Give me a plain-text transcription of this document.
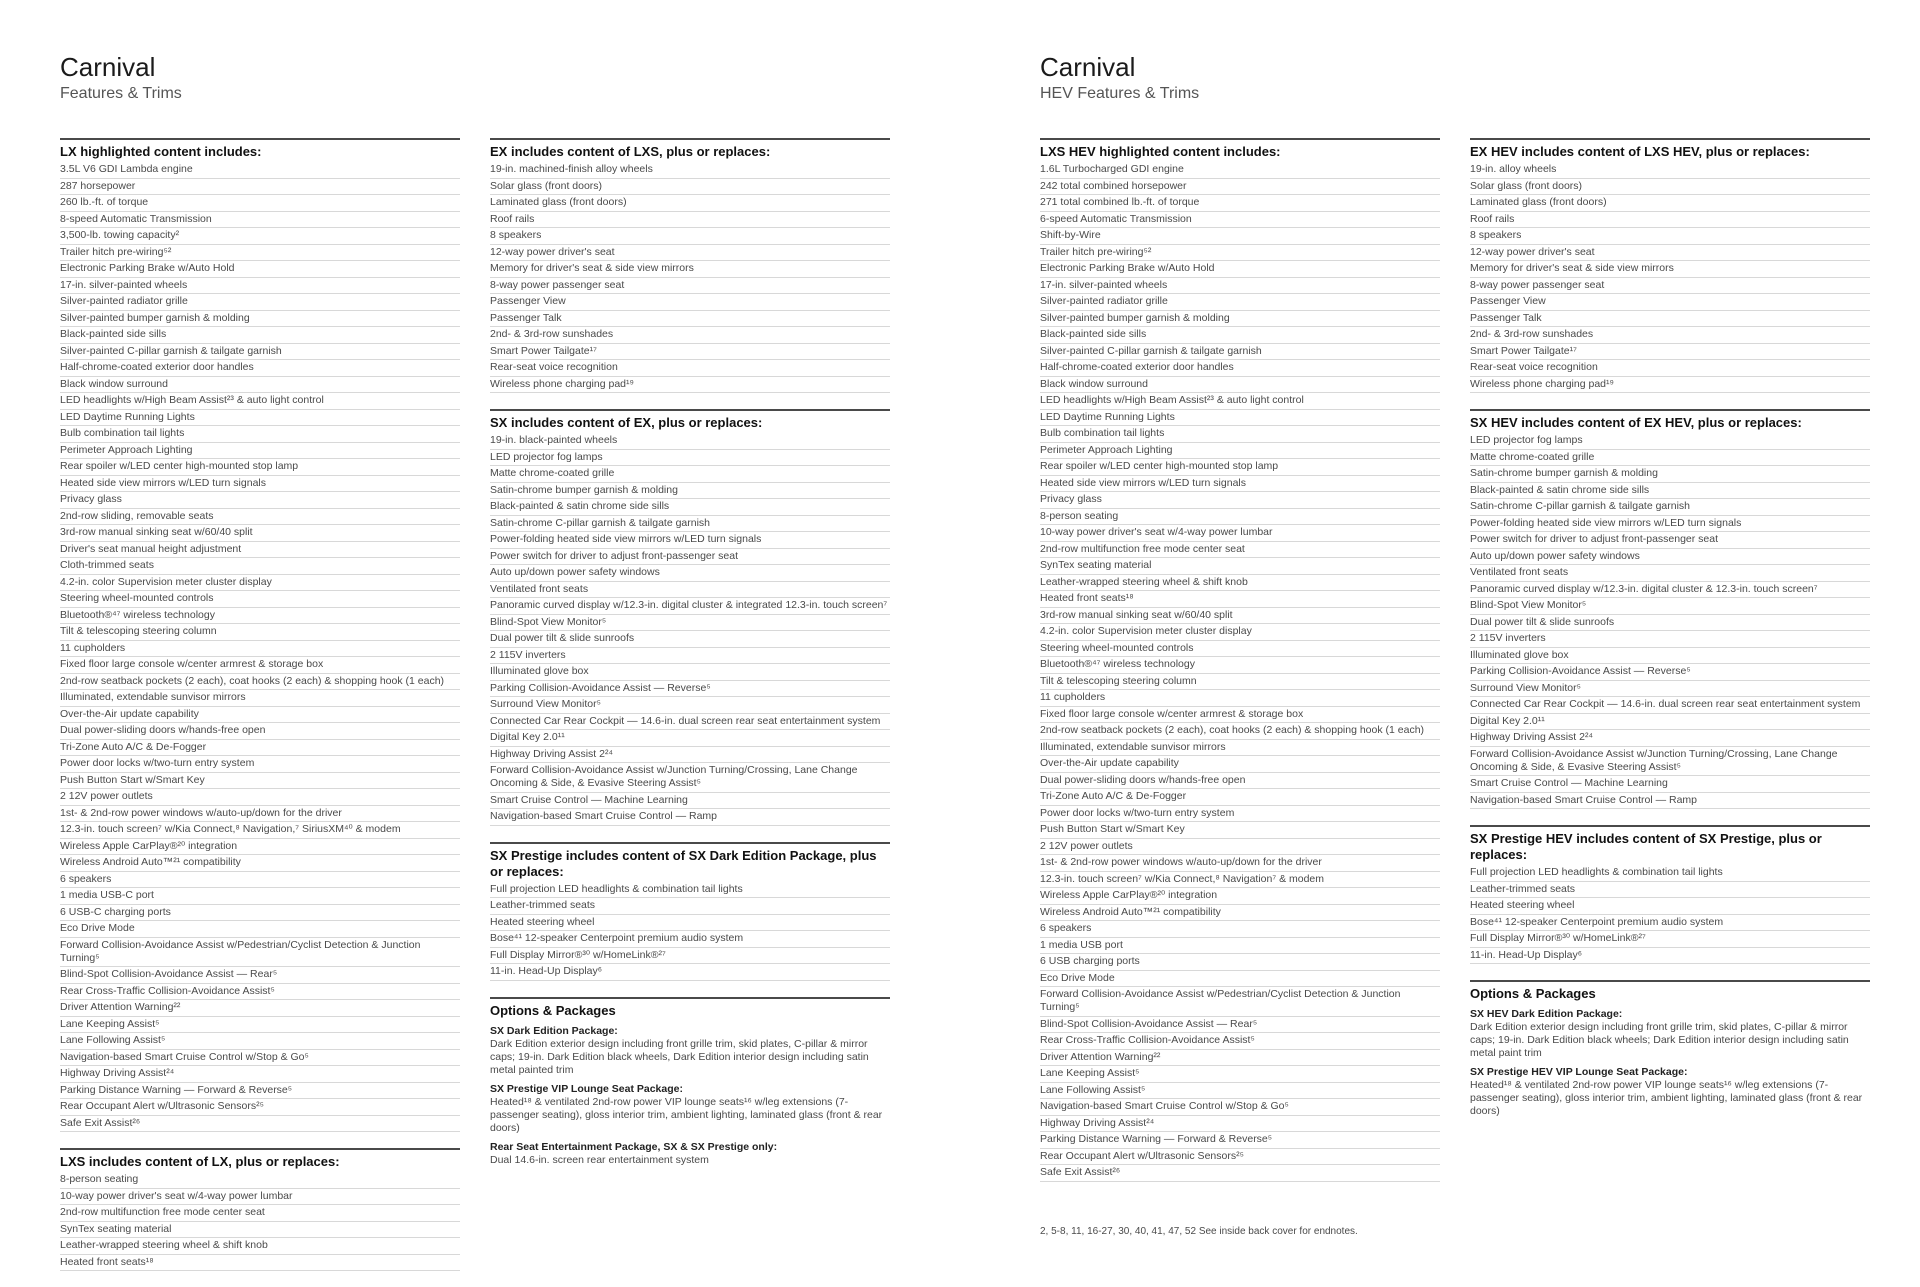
Carnival
Features & Trims
LX highlighted content includes:
3.5L V6 GDI Lambda engine
287 horsepower
260 lb.-ft. of torque
8-speed Automatic Transmission
3,500-lb. towing capacity²
Trailer hitch pre-wiring⁵²
Electronic Parking Brake w/Auto Hold
17-in. silver-painted wheels
Silver-painted radiator grille
Silver-painted bumper garnish & molding
Black-painted side sills
Silver-painted C-pillar garnish & tailgate garnish
Half-chrome-coated exterior door handles
Black window surround
LED headlights w/High Beam Assist²³ & auto light control
LED Daytime Running Lights
Bulb combination tail lights
Perimeter Approach Lighting
Rear spoiler w/LED center high-mounted stop lamp
Heated side view mirrors w/LED turn signals
Privacy glass
2nd-row sliding, removable seats
3rd-row manual sinking seat w/60/40 split
Driver's seat manual height adjustment
Cloth-trimmed seats
4.2-in. color Supervision meter cluster display
Steering wheel-mounted controls
Bluetooth®⁴⁷ wireless technology
Tilt & telescoping steering column
11 cupholders
Fixed floor large console w/center armrest & storage box
2nd-row seatback pockets (2 each), coat hooks (2 each) & shopping hook (1 each)
Illuminated, extendable sunvisor mirrors
Over-the-Air update capability
Dual power-sliding doors w/hands-free open
Tri-Zone Auto A/C & De-Fogger
Power door locks w/two-turn entry system
Push Button Start w/Smart Key
2 12V power outlets
1st- & 2nd-row power windows w/auto-up/down for the driver
12.3-in. touch screen⁷ w/Kia Connect,⁸ Navigation,⁷ SiriusXM⁴⁰ & modem
Wireless Apple CarPlay®²⁰ integration
Wireless Android Auto™²¹ compatibility
6 speakers
1 media USB-C port
6 USB-C charging ports
Eco Drive Mode
Forward Collision-Avoidance Assist w/Pedestrian/Cyclist Detection & Junction Turning⁵
Blind-Spot Collision-Avoidance Assist — Rear⁵
Rear Cross-Traffic Collision-Avoidance Assist⁵
Driver Attention Warning²²
Lane Keeping Assist⁵
Lane Following Assist⁵
Navigation-based Smart Cruise Control w/Stop & Go⁵
Highway Driving Assist²⁴
Parking Distance Warning — Forward & Reverse⁵
Rear Occupant Alert w/Ultrasonic Sensors²⁵
Safe Exit Assist²⁶
LXS includes content of LX, plus or replaces:
8-person seating
10-way power driver's seat w/4-way power lumbar
2nd-row multifunction free mode center seat
SynTex seating material
Leather-wrapped steering wheel & shift knob
Heated front seats¹⁸
EX includes content of LXS, plus or replaces:
19-in. machined-finish alloy wheels
Solar glass (front doors)
Laminated glass (front doors)
Roof rails
8 speakers
12-way power driver's seat
Memory for driver's seat & side view mirrors
8-way power passenger seat
Passenger View
Passenger Talk
2nd- & 3rd-row sunshades
Smart Power Tailgate¹⁷
Rear-seat voice recognition
Wireless phone charging pad¹⁹
SX includes content of EX, plus or replaces:
19-in. black-painted wheels
LED projector fog lamps
Matte chrome-coated grille
Satin-chrome bumper garnish & molding
Black-painted & satin chrome side sills
Satin-chrome C-pillar garnish & tailgate garnish
Power-folding heated side view mirrors w/LED turn signals
Power switch for driver to adjust front-passenger seat
Auto up/down power safety windows
Ventilated front seats
Panoramic curved display w/12.3-in. digital cluster & integrated 12.3-in. touch screen⁷
Blind-Spot View Monitor⁵
Dual power tilt & slide sunroofs
2 115V inverters
Illuminated glove box
Parking Collision-Avoidance Assist — Reverse⁵
Surround View Monitor⁵
Connected Car Rear Cockpit — 14.6-in. dual screen rear seat entertainment system
Digital Key 2.0¹¹
Highway Driving Assist 2²⁴
Forward Collision-Avoidance Assist w/Junction Turning/Crossing, Lane Change Oncoming & Side, & Evasive Steering Assist⁵
Smart Cruise Control — Machine Learning
Navigation-based Smart Cruise Control — Ramp
SX Prestige includes content of SX Dark Edition Package, plus or replaces:
Full projection LED headlights & combination tail lights
Leather-trimmed seats
Heated steering wheel
Bose⁴¹ 12-speaker Centerpoint premium audio system
Full Display Mirror®³⁰ w/HomeLink®²⁷
11-in. Head-Up Display⁶
Options & Packages
SX Dark Edition Package:
Dark Edition exterior design including front grille trim, skid plates, C-pillar & mirror caps; 19-in. Dark Edition black wheels, Dark Edition interior design including satin metal painted trim
SX Prestige VIP Lounge Seat Package:
Heated¹⁸ & ventilated 2nd-row power VIP lounge seats¹⁶ w/leg extensions (7-passenger seating), gloss interior trim, ambient lighting, laminated glass (front & rear doors)
Rear Seat Entertainment Package, SX & SX Prestige only:
Dual 14.6-in. screen rear entertainment system
Carnival
HEV Features & Trims
LXS HEV highlighted content includes:
1.6L Turbocharged GDI engine
242 total combined horsepower
271 total combined lb.-ft. of torque
6-speed Automatic Transmission
Shift-by-Wire
Trailer hitch pre-wiring⁵²
Electronic Parking Brake w/Auto Hold
17-in. silver-painted wheels
Silver-painted radiator grille
Silver-painted bumper garnish & molding
Black-painted side sills
Silver-painted C-pillar garnish & tailgate garnish
Half-chrome-coated exterior door handles
Black window surround
LED headlights w/High Beam Assist²³ & auto light control
LED Daytime Running Lights
Bulb combination tail lights
Perimeter Approach Lighting
Rear spoiler w/LED center high-mounted stop lamp
Heated side view mirrors w/LED turn signals
Privacy glass
8-person seating
10-way power driver's seat w/4-way power lumbar
2nd-row multifunction free mode center seat
SynTex seating material
Leather-wrapped steering wheel & shift knob
Heated front seats¹⁸
3rd-row manual sinking seat w/60/40 split
4.2-in. color Supervision meter cluster display
Steering wheel-mounted controls
Bluetooth®⁴⁷ wireless technology
Tilt & telescoping steering column
11 cupholders
Fixed floor large console w/center armrest & storage box
2nd-row seatback pockets (2 each), coat hooks (2 each) & shopping hook (1 each)
Illuminated, extendable sunvisor mirrors
Over-the-Air update capability
Dual power-sliding doors w/hands-free open
Tri-Zone Auto A/C & De-Fogger
Power door locks w/two-turn entry system
Push Button Start w/Smart Key
2 12V power outlets
1st- & 2nd-row power windows w/auto-up/down for the driver
12.3-in. touch screen⁷ w/Kia Connect,⁸ Navigation⁷ & modem
Wireless Apple CarPlay®²⁰ integration
Wireless Android Auto™²¹ compatibility
6 speakers
1 media USB port
6 USB charging ports
Eco Drive Mode
Forward Collision-Avoidance Assist w/Pedestrian/Cyclist Detection & Junction Turning⁵
Blind-Spot Collision-Avoidance Assist — Rear⁵
Rear Cross-Traffic Collision-Avoidance Assist⁵
Driver Attention Warning²²
Lane Keeping Assist⁵
Lane Following Assist⁵
Navigation-based Smart Cruise Control w/Stop & Go⁵
Highway Driving Assist²⁴
Parking Distance Warning — Forward & Reverse⁵
Rear Occupant Alert w/Ultrasonic Sensors²⁵
Safe Exit Assist²⁶
EX HEV includes content of LXS HEV, plus or replaces:
19-in. alloy wheels
Solar glass (front doors)
Laminated glass (front doors)
Roof rails
8 speakers
12-way power driver's seat
Memory for driver's seat & side view mirrors
8-way power passenger seat
Passenger View
Passenger Talk
2nd- & 3rd-row sunshades
Smart Power Tailgate¹⁷
Rear-seat voice recognition
Wireless phone charging pad¹⁹
SX HEV includes content of EX HEV, plus or replaces:
LED projector fog lamps
Matte chrome-coated grille
Satin-chrome bumper garnish & molding
Black-painted & satin chrome side sills
Satin-chrome C-pillar garnish & tailgate garnish
Power-folding heated side view mirrors w/LED turn signals
Power switch for driver to adjust front-passenger seat
Auto up/down power safety windows
Ventilated front seats
Panoramic curved display w/12.3-in. digital cluster & 12.3-in. touch screen⁷
Blind-Spot View Monitor⁵
Dual power tilt & slide sunroofs
2 115V inverters
Illuminated glove box
Parking Collision-Avoidance Assist — Reverse⁵
Surround View Monitor⁵
Connected Car Rear Cockpit — 14.6-in. dual screen rear seat entertainment system
Digital Key 2.0¹¹
Highway Driving Assist 2²⁴
Forward Collision-Avoidance Assist w/Junction Turning/Crossing, Lane Change Oncoming & Side, & Evasive Steering Assist⁵
Smart Cruise Control — Machine Learning
Navigation-based Smart Cruise Control — Ramp
SX Prestige HEV includes content of SX Prestige, plus or replaces:
Full projection LED headlights & combination tail lights
Leather-trimmed seats
Heated steering wheel
Bose⁴¹ 12-speaker Centerpoint premium audio system
Full Display Mirror®³⁰ w/HomeLink®²⁷
11-in. Head-Up Display⁶
Options & Packages
SX HEV Dark Edition Package:
Dark Edition exterior design including front grille trim, skid plates, C-pillar & mirror caps; 19-in. Dark Edition black wheels; Dark Edition interior design including satin metal paint trim
SX Prestige HEV VIP Lounge Seat Package:
Heated¹⁸ & ventilated 2nd-row power VIP lounge seats¹⁶ w/leg extensions (7-passenger seating), gloss interior trim, ambient lighting, laminated glass (front & rear doors)
2, 5-8, 11, 16-27, 30, 40, 41, 47, 52 See inside back cover for endnotes.
